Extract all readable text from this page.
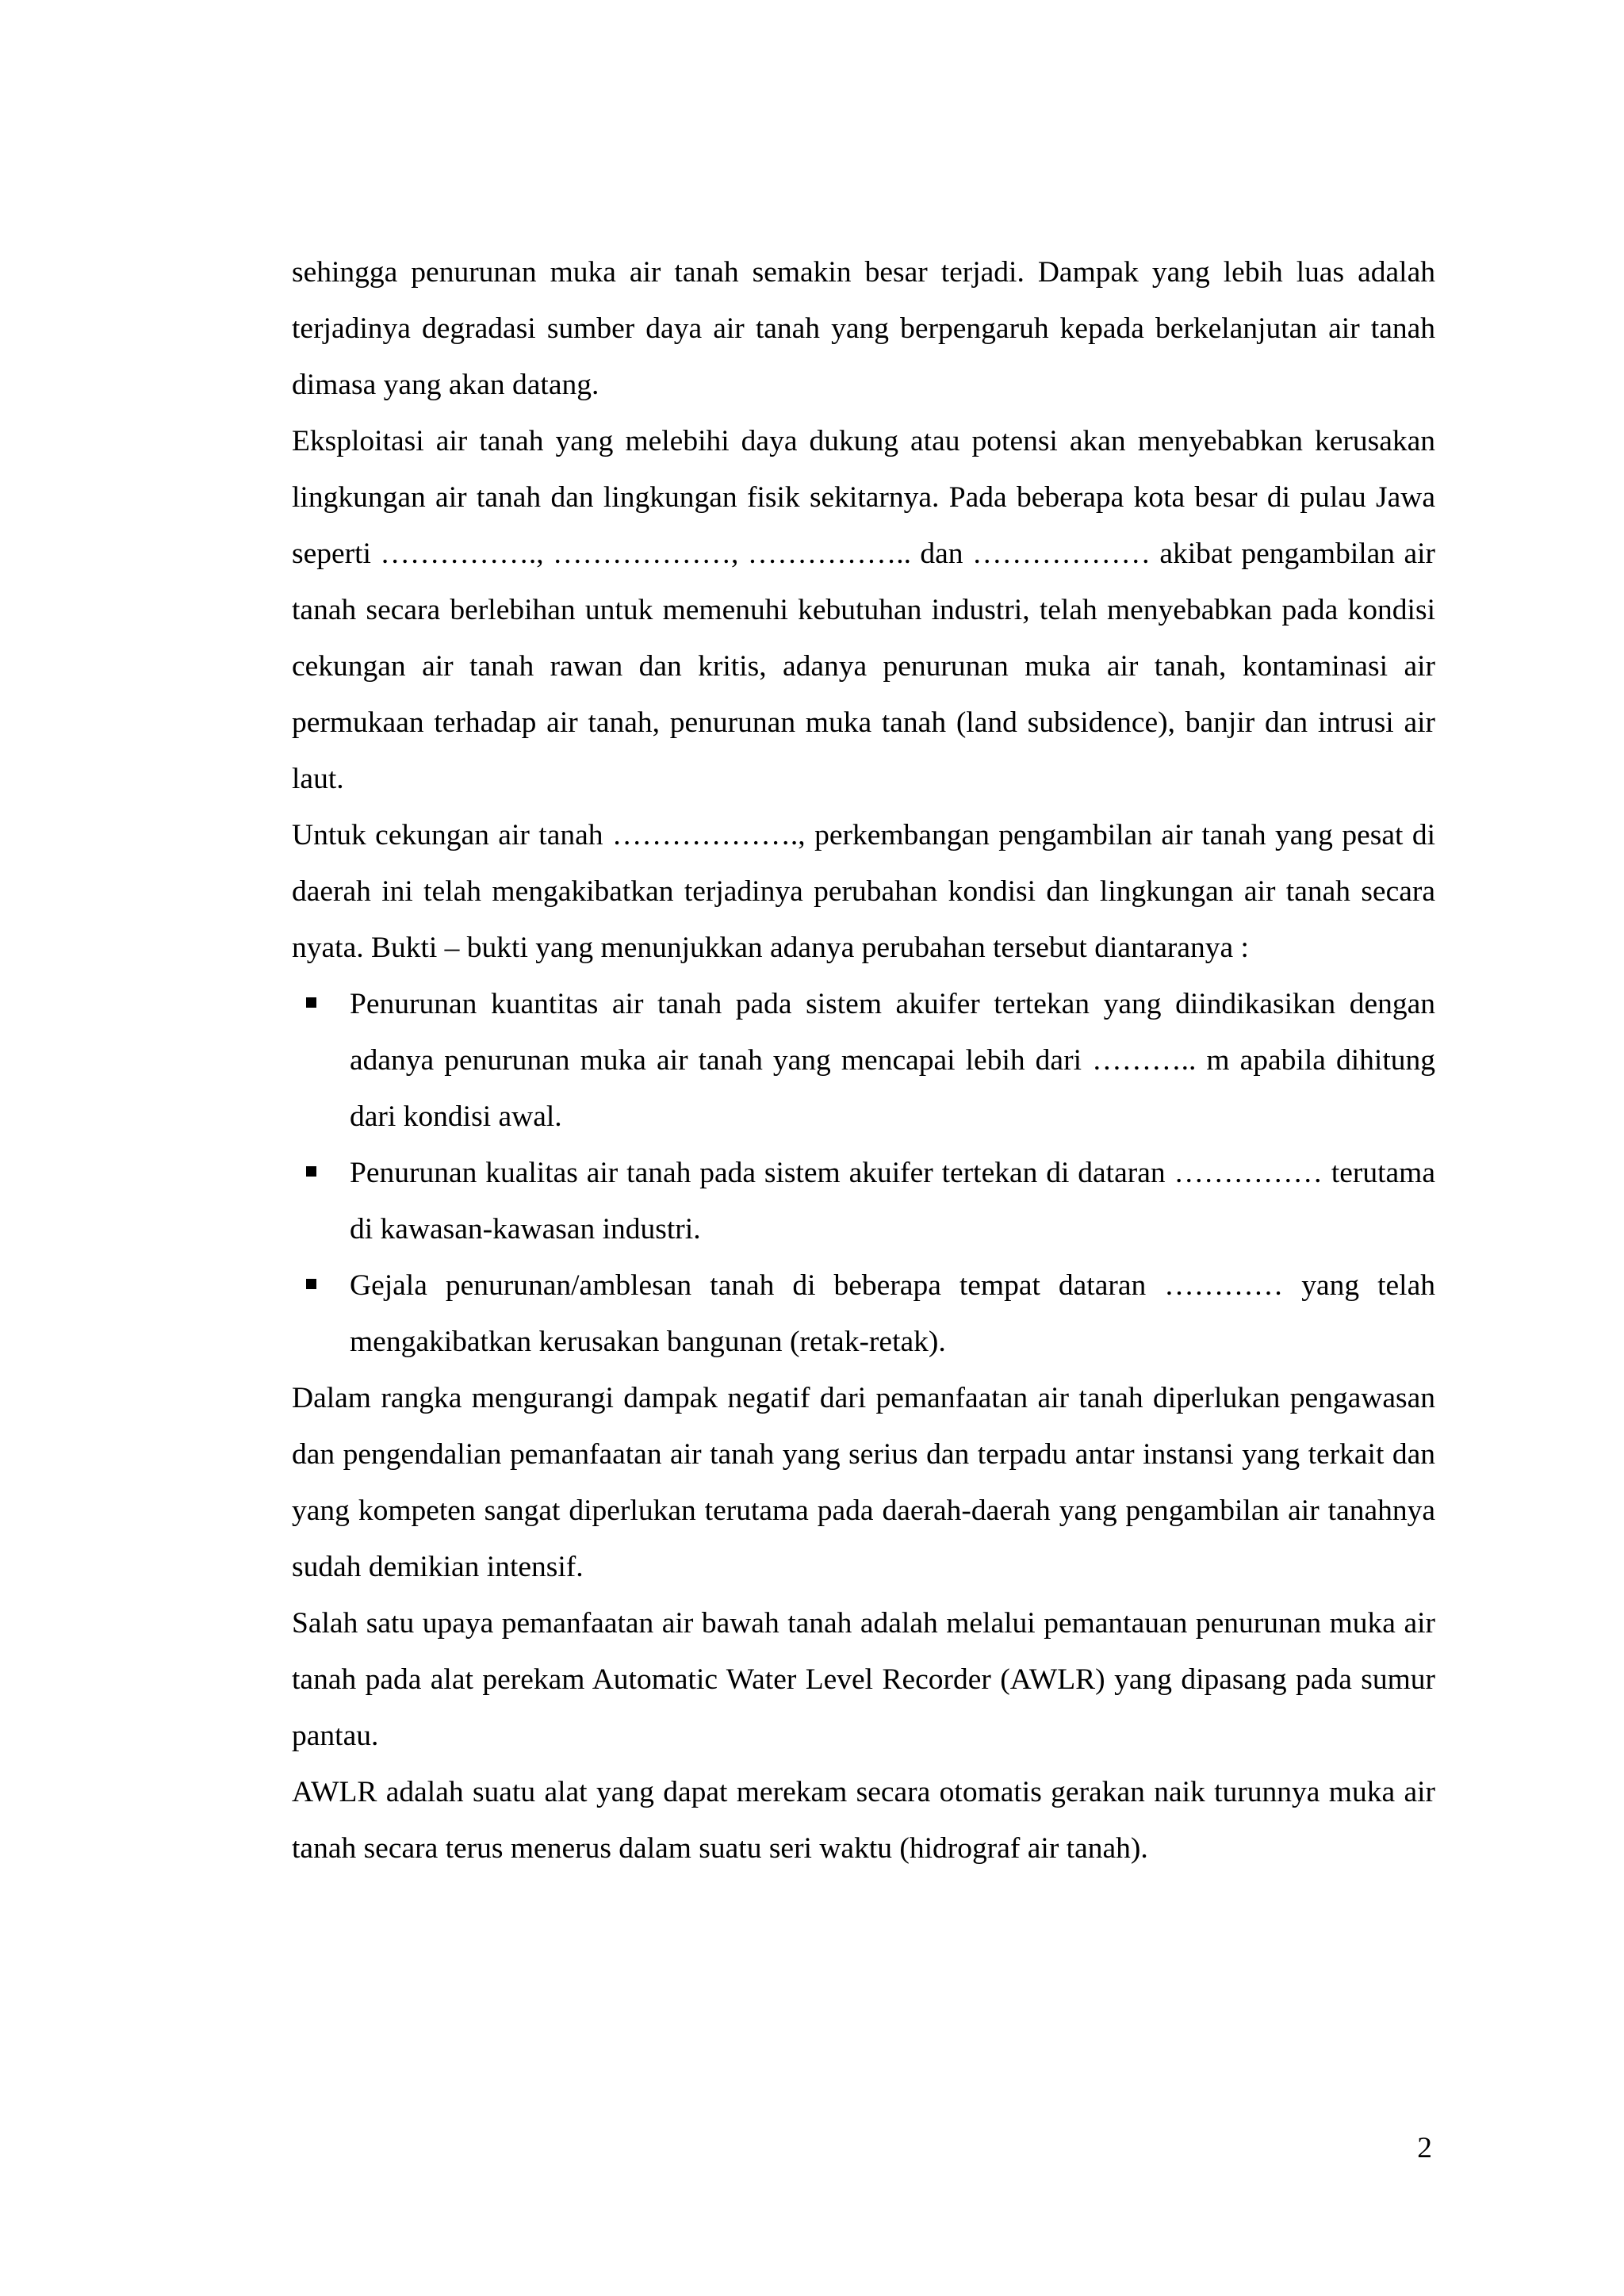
sehingga penurunan muka air tanah semakin besar terjadi. Dampak yang lebih luas adalah terjadinya degradasi sumber daya air tanah yang berpengaruh kepada berkelanjutan air tanah dimasa yang akan datang.

Eksploitasi air tanah yang melebihi daya dukung atau potensi akan menyebabkan kerusakan lingkungan air tanah dan lingkungan fisik sekitarnya. Pada beberapa kota besar di pulau Jawa seperti ……………., ………………, …………….. dan ……………… akibat pengambilan air tanah secara berlebihan untuk memenuhi kebutuhan industri, telah menyebabkan pada kondisi cekungan air tanah rawan dan kritis, adanya penurunan muka air tanah, kontaminasi air permukaan terhadap air tanah, penurunan muka tanah (land subsidence), banjir dan intrusi air laut.

Untuk cekungan air tanah ………………., perkembangan pengambilan air tanah yang pesat di daerah ini telah mengakibatkan terjadinya perubahan kondisi dan lingkungan air tanah secara nyata. Bukti – bukti yang menunjukkan adanya perubahan tersebut diantaranya :

Penurunan kuantitas air tanah pada sistem akuifer tertekan yang diindikasikan dengan adanya penurunan muka air tanah yang mencapai lebih dari ……….. m apabila dihitung dari kondisi awal.
Penurunan kualitas air tanah pada sistem akuifer tertekan di dataran …………… terutama di kawasan-kawasan industri.
Gejala penurunan/amblesan tanah di beberapa tempat dataran ………… yang telah mengakibatkan kerusakan bangunan (retak-retak).

Dalam rangka mengurangi dampak negatif dari pemanfaatan air tanah diperlukan pengawasan dan pengendalian pemanfaatan air tanah yang serius dan terpadu antar instansi yang terkait dan yang kompeten sangat diperlukan terutama pada daerah-daerah yang pengambilan air tanahnya sudah demikian intensif.

Salah satu upaya pemanfaatan air bawah tanah adalah melalui pemantauan penurunan muka air tanah pada alat perekam Automatic Water Level Recorder (AWLR) yang dipasang pada sumur pantau.

AWLR adalah suatu alat yang dapat merekam secara otomatis gerakan naik turunnya muka air tanah secara terus menerus dalam suatu seri waktu (hidrograf air tanah).

2
